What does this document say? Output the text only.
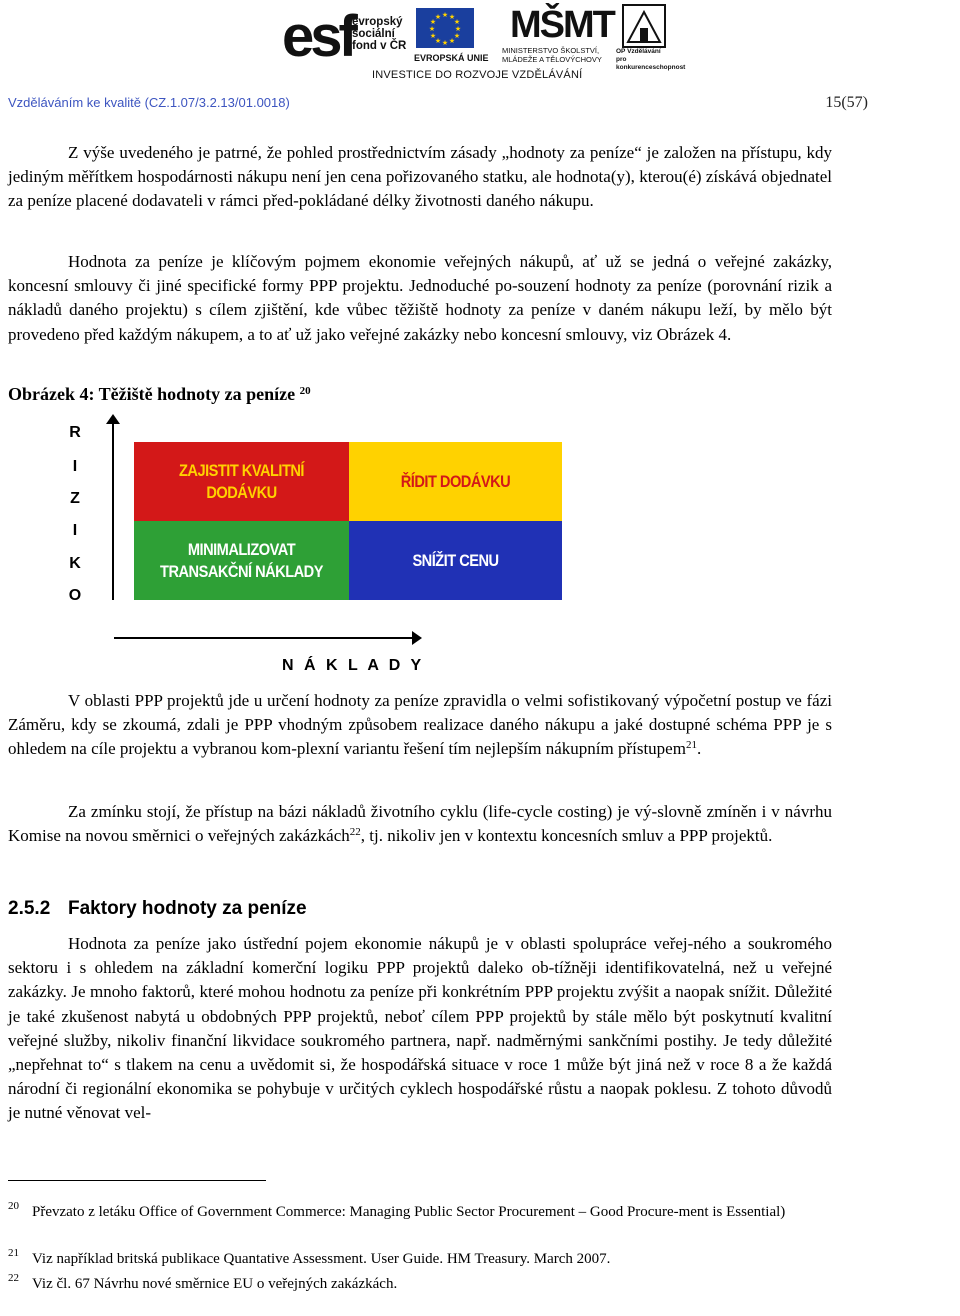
esf
evropský
sociální
fond v ČR
★ ★
★
★
★
★
★
★
★
★
★
★
EVROPSKÁ UNIE
MŠMT
MINISTERSTVO ŠKOLSTVÍ,
MLÁDEŽE A TĚLOVÝCHOVY
OP Vzdělávání
pro konkurenceschopnost
INVESTICE DO ROZVOJE VZDĚLÁVÁNÍ
Vzděláváním ke kvalitě (CZ.1.07/3.2.13/01.0018)	15(57)
Z výše uvedeného je patrné, že pohled prostřednictvím zásady „hodnoty za peníze“ je založen na přístupu, kdy jediným měřítkem hospodárnosti nákupu není jen cena pořizovaného statku, ale hodnota(y), kterou(é) získává objednatel za peníze placené dodavateli v rámci před-pokládané délky životnosti daného nákupu.
Hodnota za peníze je klíčovým pojmem ekonomie veřejných nákupů, ať už se jedná o veřejné zakázky, koncesní smlouvy či jiné specifické formy PPP projektu. Jednoduché po-souzení hodnoty za peníze (porovnání rizik a nákladů daného projektu) s cílem zjištění, kde vůbec těžiště hodnoty za peníze v daném nákupu leží, by mělo být provedeno před každým nákupem, a to ať už jako veřejné zakázky nebo koncesní smlouvy, viz Obrázek 4.
Obrázek 4: Těžiště hodnoty za peníze $^{20}$
R
I
Z
I
K
O
ZAJISTIT KVALITNÍ DODÁVKU
ŘÍDIT DODÁVKU
MINIMALIZOVAT
TRANSAKČNÍ NÁKLADY
SNÍŽIT CENU
N Á K L A D Y
V oblasti PPP projektů jde u určení hodnoty za peníze zpravidla o velmi sofistikovaný výpočetní postup ve fázi Záměru, kdy se zkoumá, zdali je PPP vhodným způsobem realizace daného nákupu a jaké dostupné schéma PPP je s ohledem na cíle projektu a vybranou kom-plexní variantu řešení tím nejlepším nákupním přístupem$^{21}$.
Za zmínku stojí, že přístup na bázi nákladů životního cyklu (life-cycle costing) je vý-slovně zmíněn i v návrhu Komise na novou směrnici o veřejných zakázkách$^{22}$, tj. nikoliv jen v kontextu koncesních smluv a PPP projektů.
2.5.2 Faktory hodnoty za peníze
Hodnota za peníze jako ústřední pojem ekonomie nákupů je v oblasti spolupráce veřej-ného a soukromého sektoru i s ohledem na základní komerční logiku PPP projektů daleko ob-tížněji identifikovatelná, než u veřejné zakázky. Je mnoho faktorů, které mohou hodnotu za peníze při konkrétním PPP projektu zvýšit a naopak snížit. Důležité je také zkušenost nabytá u obdobných PPP projektů, neboť cílem PPP projektů by stále mělo být poskytnutí kvalitní veřejné služby, nikoliv finanční likvidace soukromého partnera, např. nadměrnými sankčními postihy. Je tedy důležité „nepřehnat to“ s tlakem na cenu a uvědomit si, že hospodářská situace v roce 1 může být jiná než v roce 8 a že každá národní či regionální ekonomika se pohybuje v určitých cyklech hospodářské růstu a naopak poklesu. Z tohoto důvodů je nutné věnovat vel-
20 Převzato z letáku Office of Government Commerce: Managing Public Sector Procurement – Good Procure-ment is Essential)
21 Viz například britská publikace Quantative Assessment. User Guide. HM Treasury. March 2007.
22 Viz čl. 67 Návrhu nové směrnice EU o veřejných zakázkách.
